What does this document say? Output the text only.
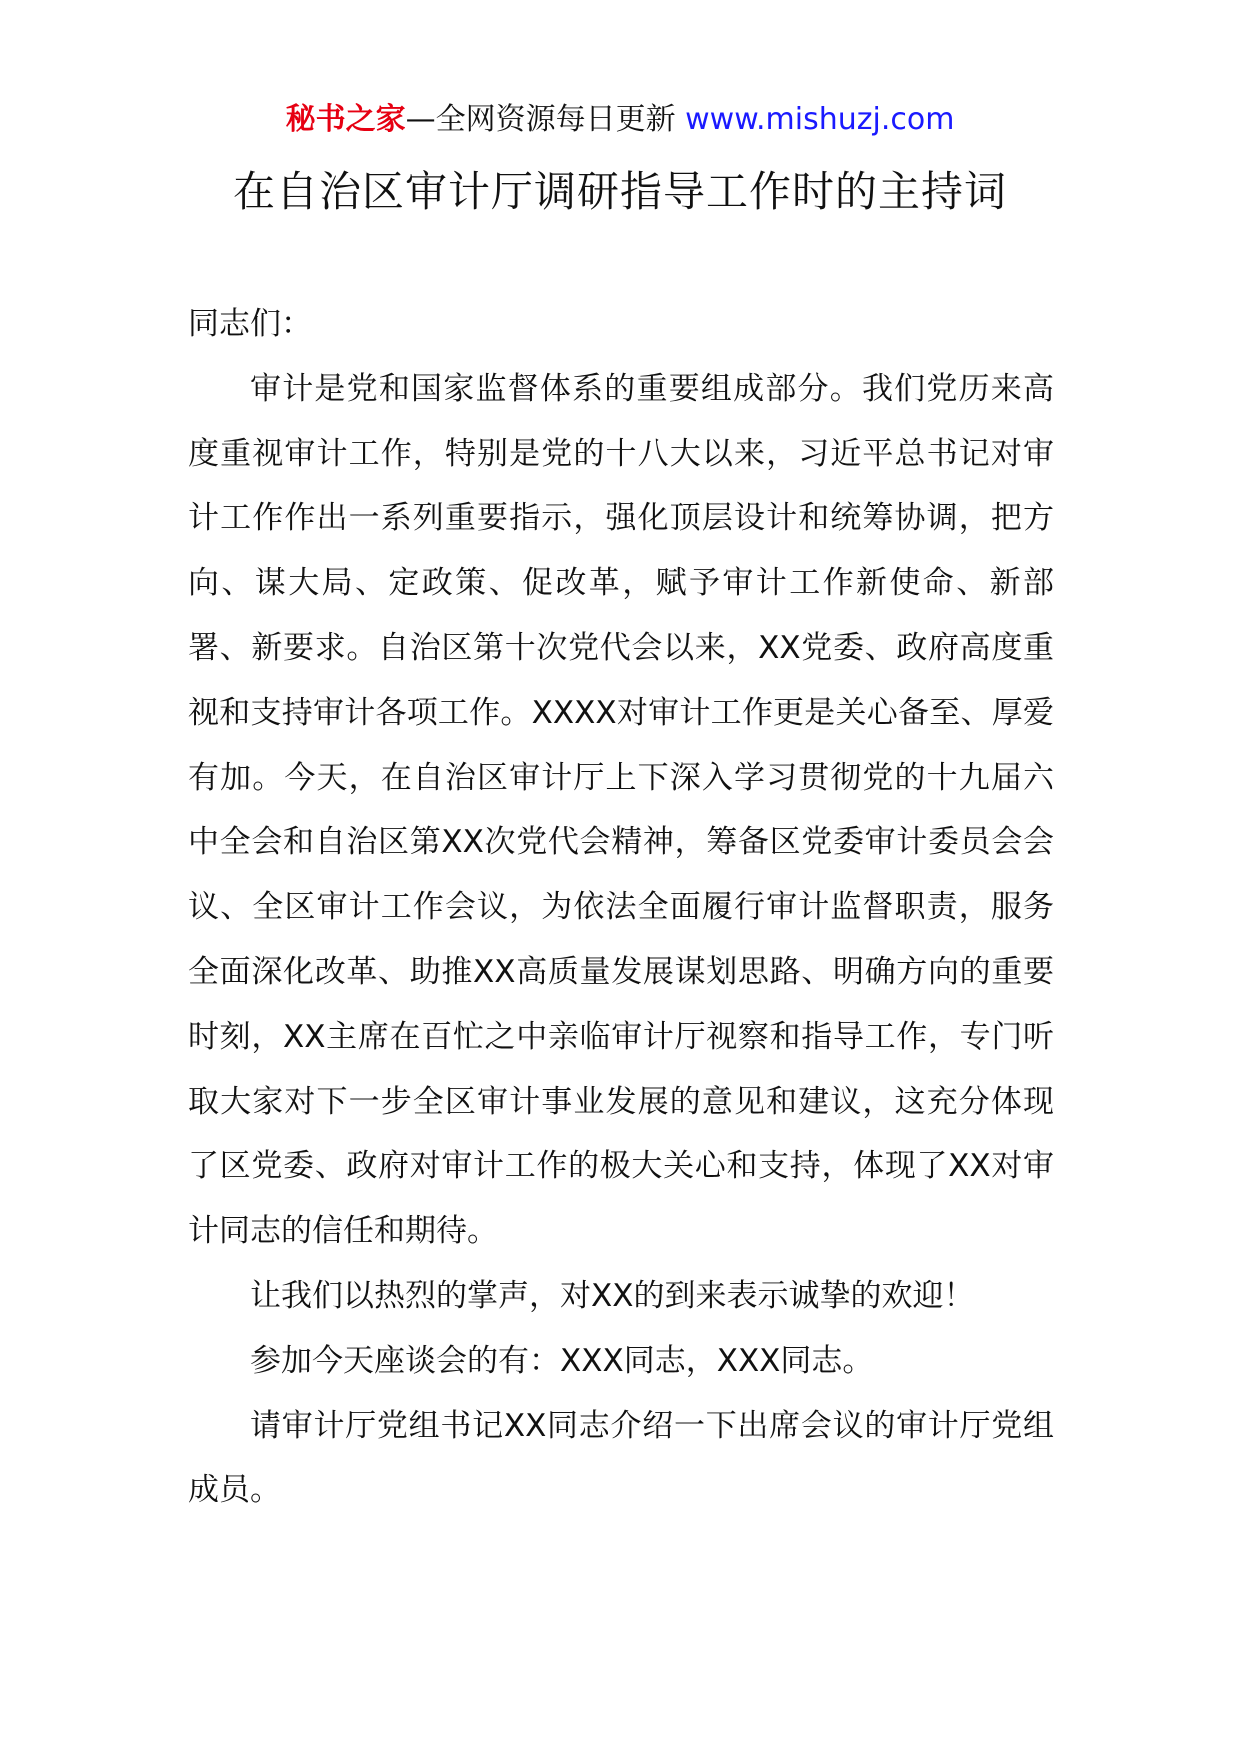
秘书之家—全网资源每日更新 www.mishuzj.com
在自治区审计厅调研指导工作时的主持词

同志们：

审计是党和国家监督体系的重要组成部分。我们党历来高度重视审计工作，特别是党的十八大以来，习近平总书记对审计工作作出一系列重要指示，强化顶层设计和统筹协调，把方向、谋大局、定政策、促改革，赋予审计工作新使命、新部署、新要求。自治区第十次党代会以来，XX党委、政府高度重视和支持审计各项工作。XXXX对审计工作更是关心备至、厚爱有加。今天，在自治区审计厅上下深入学习贯彻党的十九届六中全会和自治区第XX次党代会精神，筹备区党委审计委员会会议、全区审计工作会议，为依法全面履行审计监督职责，服务全面深化改革、助推XX高质量发展谋划思路、明确方向的重要时刻，XX主席在百忙之中亲临审计厅视察和指导工作，专门听取大家对下一步全区审计事业发展的意见和建议，这充分体现了区党委、政府对审计工作的极大关心和支持，体现了XX对审计同志的信任和期待。

让我们以热烈的掌声，对XX的到来表示诚挚的欢迎！

参加今天座谈会的有：XXX同志，XXX同志。

请审计厅党组书记XX同志介绍一下出席会议的审计厅党组成员。
